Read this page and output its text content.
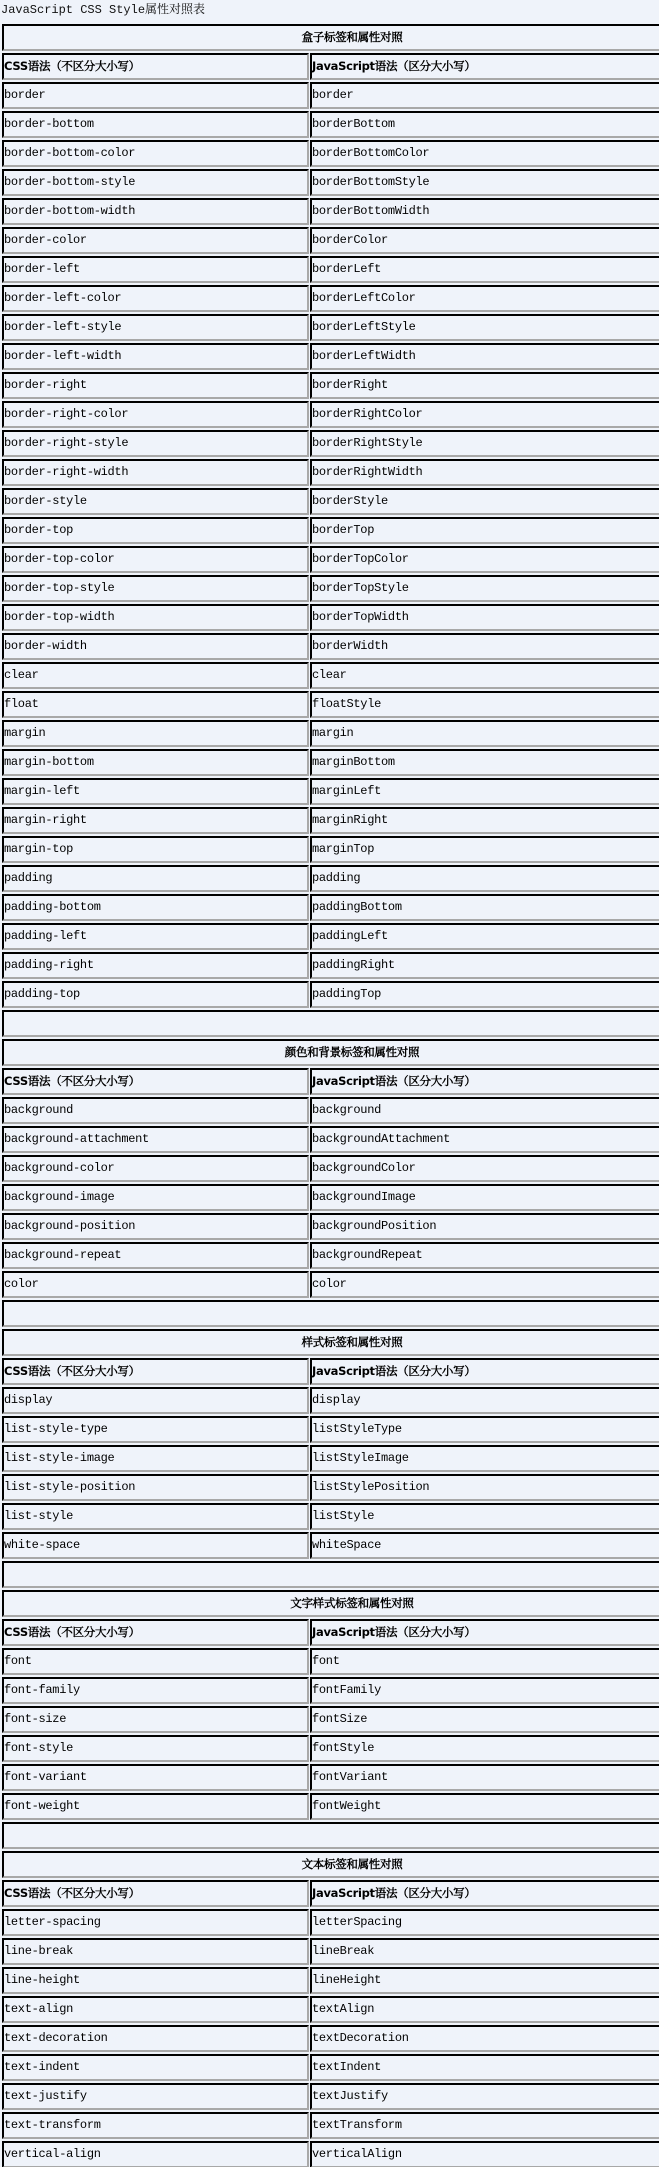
JavaScript CSS Style属性对照表
盒子标签和属性对照
CSS语法（不区分大小写）	JavaScript语法（区分大小写）
border	border
border-bottom	borderBottom
border-bottom-color	borderBottomColor
border-bottom-style	borderBottomStyle
border-bottom-width	borderBottomWidth
border-color	borderColor
border-left	borderLeft
border-left-color	borderLeftColor
border-left-style	borderLeftStyle
border-left-width	borderLeftWidth
border-right	borderRight
border-right-color	borderRightColor
border-right-style	borderRightStyle
border-right-width	borderRightWidth
border-style	borderStyle
border-top	borderTop
border-top-color	borderTopColor
border-top-style	borderTopStyle
border-top-width	borderTopWidth
border-width	borderWidth
clear	clear
float	floatStyle
margin	margin
margin-bottom	marginBottom
margin-left	marginLeft
margin-right	marginRight
margin-top	marginTop
padding	padding
padding-bottom	paddingBottom
padding-left	paddingLeft
padding-right	paddingRight
padding-top	paddingTop
颜色和背景标签和属性对照
CSS语法（不区分大小写）	JavaScript语法（区分大小写）
background	background
background-attachment	backgroundAttachment
background-color	backgroundColor
background-image	backgroundImage
background-position	backgroundPosition
background-repeat	backgroundRepeat
color	color
样式标签和属性对照
CSS语法（不区分大小写）	JavaScript语法（区分大小写）
display	display
list-style-type	listStyleType
list-style-image	listStyleImage
list-style-position	listStylePosition
list-style	listStyle
white-space	whiteSpace
文字样式标签和属性对照
CSS语法（不区分大小写）	JavaScript语法（区分大小写）
font	font
font-family	fontFamily
font-size	fontSize
font-style	fontStyle
font-variant	fontVariant
font-weight	fontWeight
文本标签和属性对照
CSS语法（不区分大小写）	JavaScript语法（区分大小写）
letter-spacing	letterSpacing
line-break	lineBreak
line-height	lineHeight
text-align	textAlign
text-decoration	textDecoration
text-indent	textIndent
text-justify	textJustify
text-transform	textTransform
vertical-align	verticalAlign
